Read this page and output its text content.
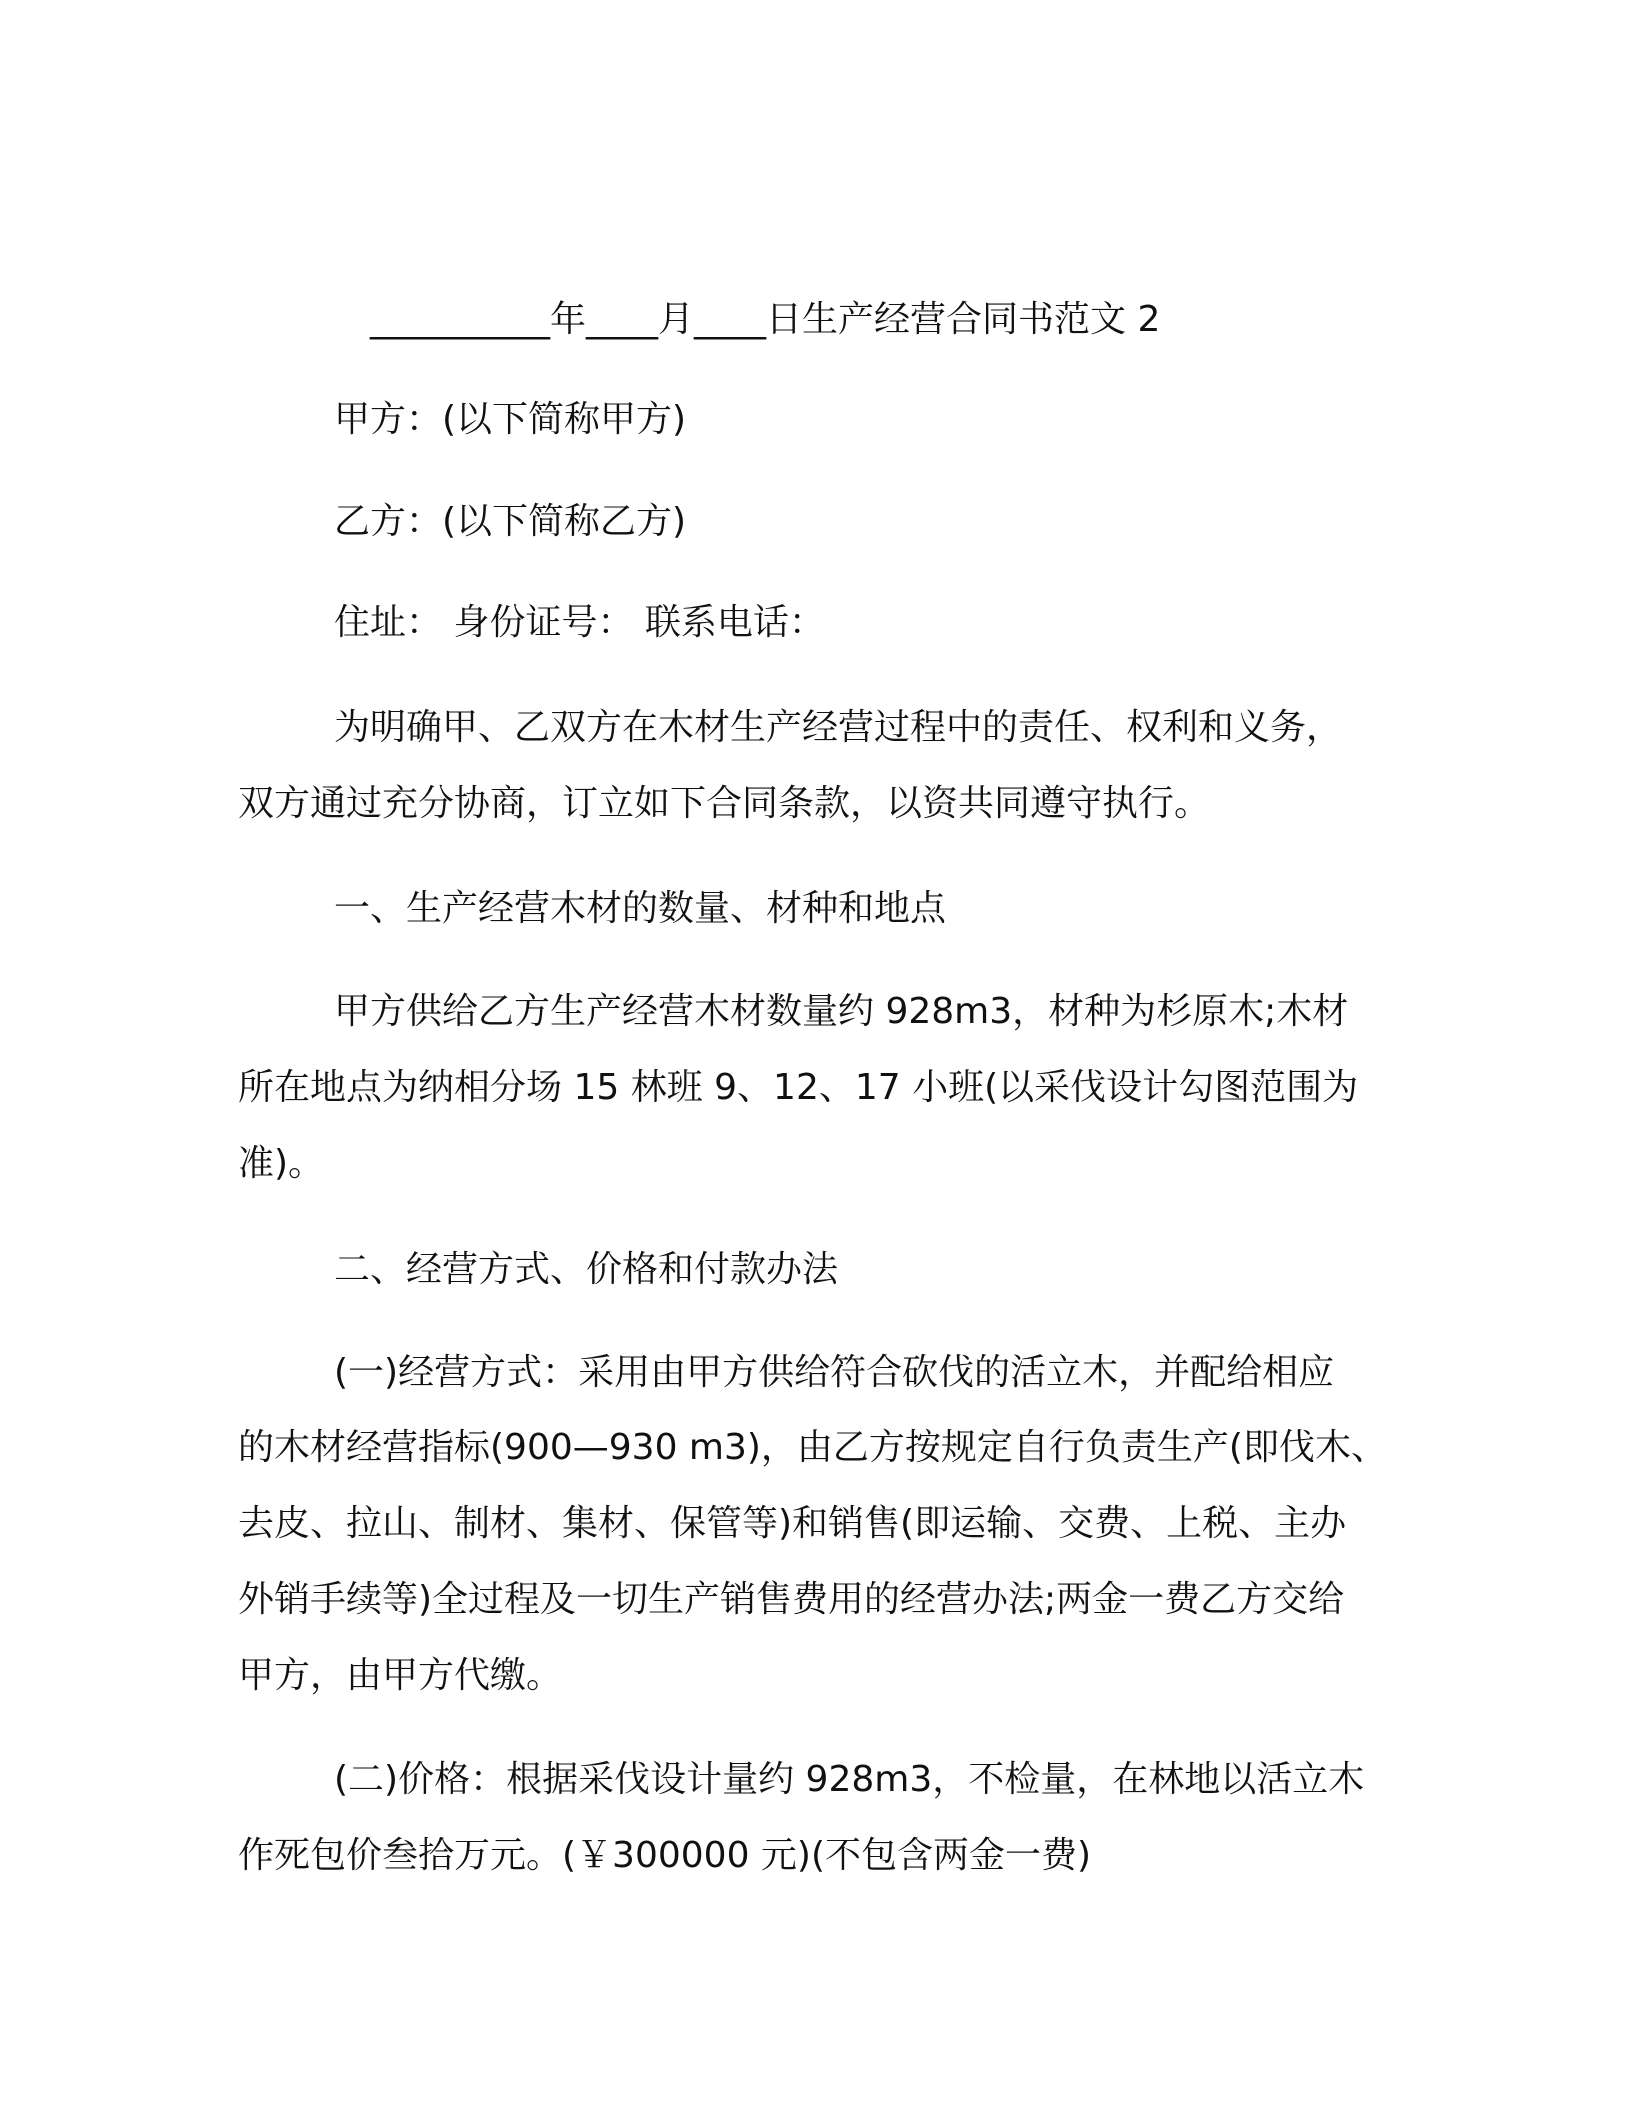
__________年____月____日生产经营合同书范文 2
甲方：(以下简称甲方)
乙方：(以下简称乙方)
住址： 身份证号： 联系电话：
为明确甲、乙双方在木材生产经营过程中的责任、权利和义务，
双方通过充分协商，订立如下合同条款，以资共同遵守执行。
一、生产经营木材的数量、材种和地点
甲方供给乙方生产经营木材数量约 928m3，材种为杉原木;木材
所在地点为纳相分场 15 林班 9、12、17 小班(以采伐设计勾图范围为
准)。
二、经营方式、价格和付款办法
(一)经营方式：采用由甲方供给符合砍伐的活立木，并配给相应
的木材经营指标(900—930 m3)，由乙方按规定自行负责生产(即伐木、
去皮、拉山、制材、集材、保管等)和销售(即运输、交费、上税、主办
外销手续等)全过程及一切生产销售费用的经营办法;两金一费乙方交给
甲方，由甲方代缴。
(二)价格：根据采伐设计量约 928m3，不检量，在林地以活立木
作死包价叁拾万元。(￥300000 元)(不包含两金一费)
